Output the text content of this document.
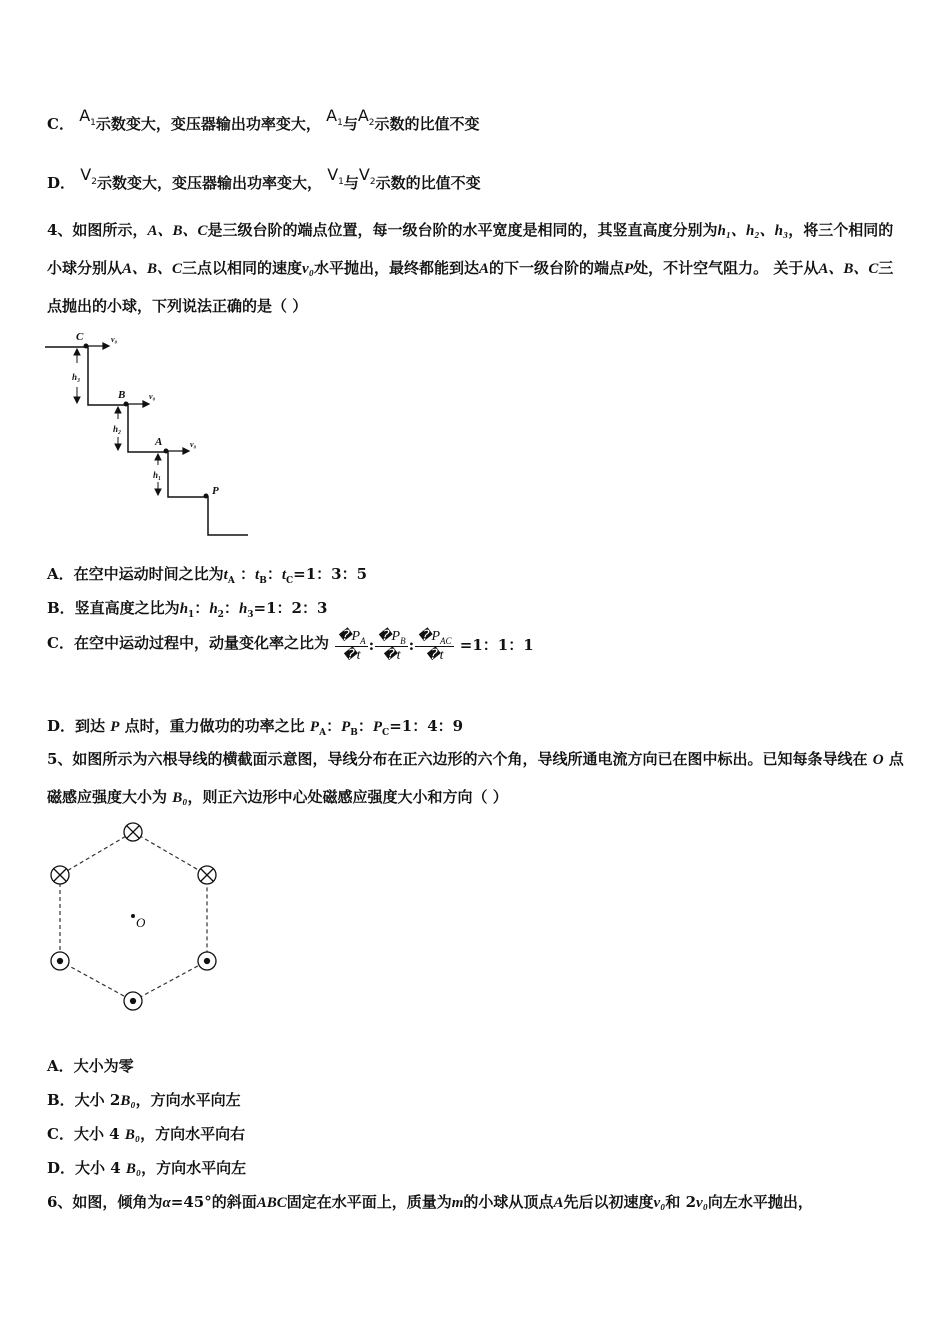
C． $A_1$示数变大，变压器输出功率变大， $A_1$与$A_2$示数的比值不变
D． $V_2$示数变大，变压器输出功率变大， $V_1$与$V_2$示数的比值不变
4、如图所示，A、B、C是三级台阶的端点位置，每一级台阶的水平宽度是相同的，其竖直高度分别为h₁、h₂、h₃，将三个相同的小球分别从A、B、C三点以相同的速度v₀水平抛出，最终都能到达A的下一级台阶的端点P处，不计空气阻力。 关于从A、B、C三点抛出的小球，下列说法正确的是（ ）
C
B
A
P
v₀
v₀
v₀
h₃
h₂
h₁
A．在空中运动时间之比为$t_A$ ：$t_B$：$t_C=1$：3：5
B．竖直高度之比为$h_1$：$h_2$：$h_3=1$：2：3
C．在空中运动过程中，动量变化率之比为 $\frac{�P_A}{�t}$ : $\frac{�P_B}{�t}$ : $\frac{�P_{AC}}{�t} =1$：1：1
D．到达 P 点时，重力做功的功率之比 $P_A$：$P_B$：$P_C=1$：4：9
5、如图所示为六根导线的横截面示意图，导线分布在正六边形的六个角，导线所通电流方向已在图中标出。已知每条导线在 O 点磁感应强度大小为 B₀，则正六边形中心处磁感应强度大小和方向（ ）
O
A．大小为零
B．大小 2B₀，方向水平向左
C．大小 4 B₀，方向水平向右
D．大小 4 B₀，方向水平向左
6、如图，倾角为α=45°的斜面ABC固定在水平面上，质量为m的小球从顶点A先后以初速度v₀和 2v₀向左水平抛出，
